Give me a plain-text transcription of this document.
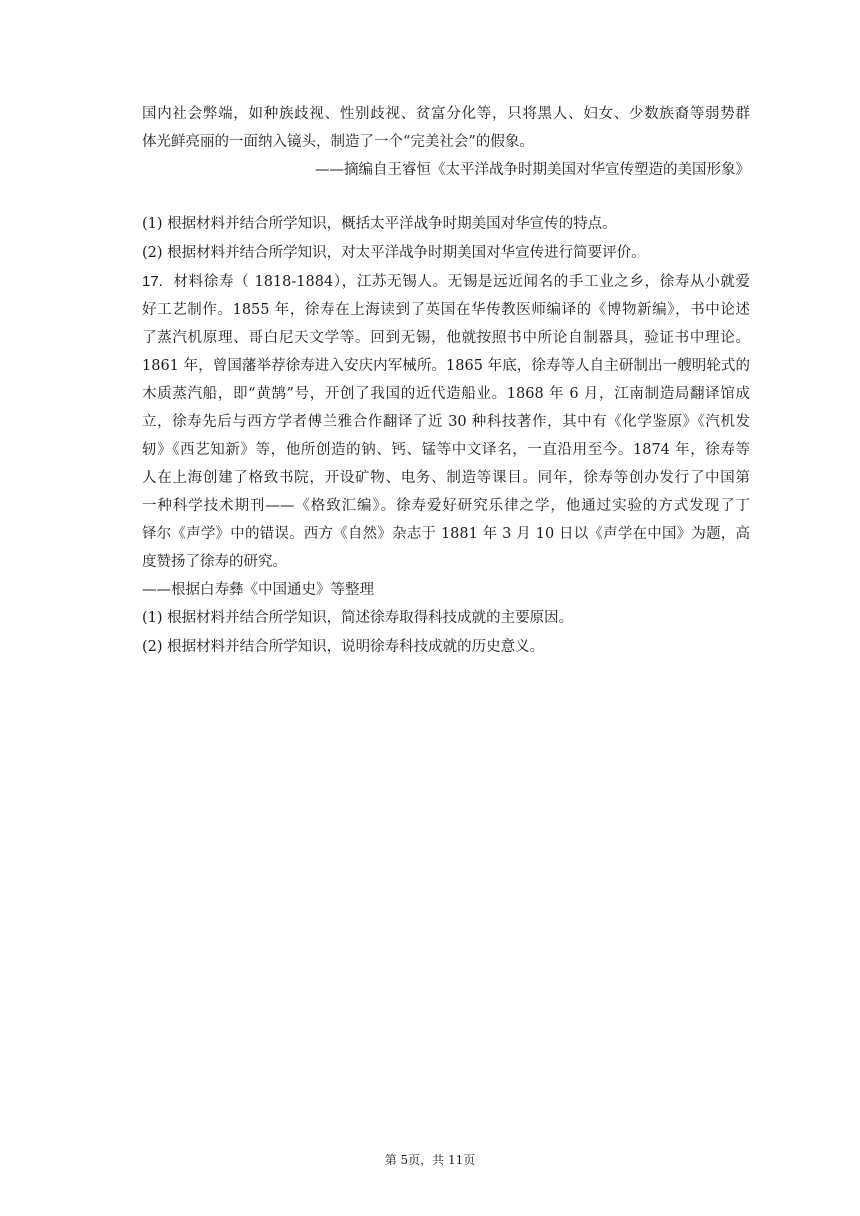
国内社会弊端，如种族歧视、性别歧视、贫富分化等，只将黑人、妇女、少数族裔等弱势群
体光鲜亮丽的一面纳入镜头，制造了一个“完美社会”的假象。
——摘编自王睿恒《太平洋战争时期美国对华宣传塑造的美国形象》
(1) 根据材料并结合所学知识，概括太平洋战争时期美国对华宣传的特点。
(2) 根据材料并结合所学知识，对太平洋战争时期美国对华宣传进行简要评价。
17. 材料徐寿（ 1818-1884），江苏无锡人。无锡是远近闻名的手工业之乡，徐寿从小就爱
好工艺制作。1855 年，徐寿在上海读到了英国在华传教医师编译的《博物新编》，书中论述
了蒸汽机原理、哥白尼天文学等。回到无锡，他就按照书中所论自制器具，验证书中理论。
1861 年，曾国藩举荐徐寿进入安庆内军械所。1865 年底，徐寿等人自主研制出一艘明轮式的
木质蒸汽船，即“黄鹄”号，开创了我国的近代造船业。1868 年 6 月，江南制造局翻译馆成
立，徐寿先后与西方学者傅兰雅合作翻译了近 30 种科技著作，其中有《化学鉴原》《汽机发
轫》《西艺知新》等，他所创造的钠、钙、锰等中文译名，一直沿用至今。1874 年，徐寿等
人在上海创建了格致书院，开设矿物、电务、制造等课目。同年，徐寿等创办发行了中国第
一种科学技术期刊——《格致汇编》。徐寿爱好研究乐律之学，他通过实验的方式发现了丁
铎尔《声学》中的错误。西方《自然》杂志于 1881 年 3 月 10 日以《声学在中国》为题，高
度赞扬了徐寿的研究。
——根据白寿彝《中国通史》等整理
(1) 根据材料并结合所学知识，简述徐寿取得科技成就的主要原因。
(2) 根据材料并结合所学知识，说明徐寿科技成就的历史意义。
第 5页，共 11页
